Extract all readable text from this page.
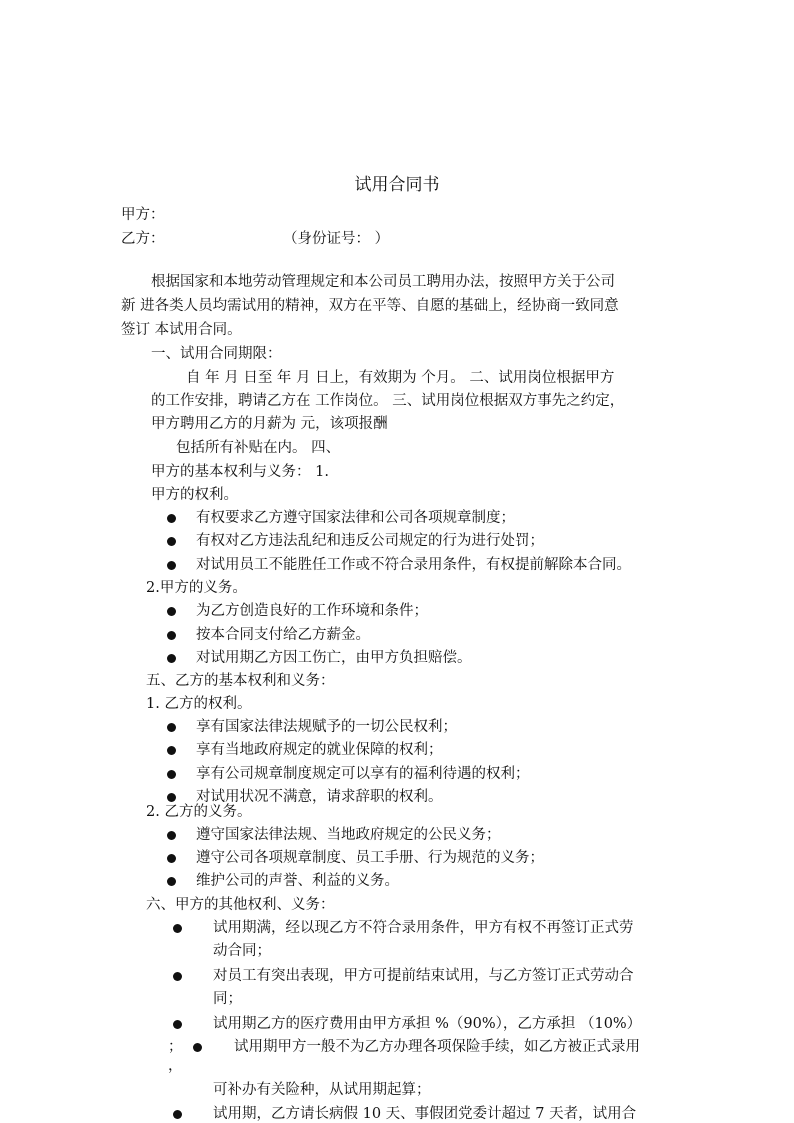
试用合同书
甲方：
乙方：	（身份证号： ）
根据国家和本地劳动管理规定和本公司员工聘用办法，按照甲方关于公司
新 进各类人员均需试用的精神，双方在平等、自愿的基础上，经协商一致同意
签订 本试用合同。
一、试用合同期限：
自 年 月 日至 年 月 日上，有效期为 个月。 二、试用岗位根据甲方
的工作安排，聘请乙方在 工作岗位。 三、试用岗位根据双方事先之约定，
甲方聘用乙方的月薪为 元，该项报酬
包括所有补贴在内。 四、
甲方的基本权利与义务： 1.
甲方的权利。
有权要求乙方遵守国家法律和公司各项规章制度；
有权对乙方违法乱纪和违反公司规定的行为进行处罚；
对试用员工不能胜任工作或不符合录用条件，有权提前解除本合同。
2.甲方的义务。
为乙方创造良好的工作环境和条件；
按本合同支付给乙方薪金。
对试用期乙方因工伤亡，由甲方负担赔偿。
五、乙方的基本权利和义务：
1. 乙方的权利。
享有国家法律法规赋予的一切公民权利；
享有当地政府规定的就业保障的权利；
享有公司规章制度规定可以享有的福利待遇的权利；
对试用状况不满意，请求辞职的权利。
2. 乙方的义务。
遵守国家法律法规、当地政府规定的公民义务；
遵守公司各项规章制度、员工手册、行为规范的义务；
维护公司的声誉、利益的义务。
六、甲方的其他权利、义务：
试用期满，经以现乙方不符合录用条件，甲方有权不再签订正式劳
动合同；
对员工有突出表现，甲方可提前结束试用，与乙方签订正式劳动合
同；
试用期乙方的医疗费用由甲方承担 %（90%），乙方承担 （10%）
；	试用期甲方一般不为乙方办理各项保险手续，如乙方被正式录用
，
可补办有关险种，从试用期起算；
试用期，乙方请长病假 10 天、事假团党委计超过 7 天者，试用合
